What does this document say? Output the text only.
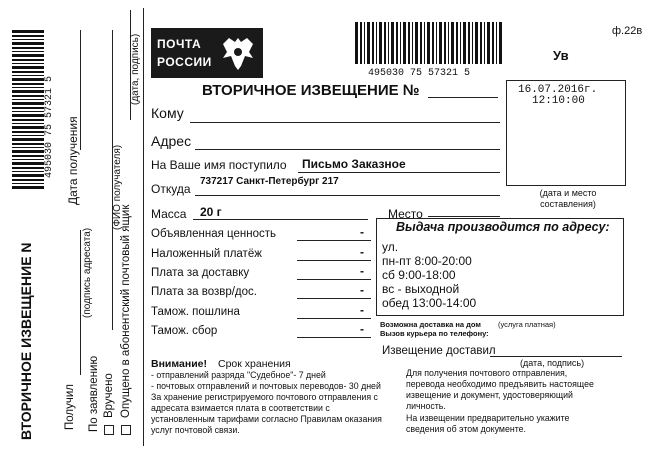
495030 75 57321 5
ВТОРИЧНОЕ ИЗВЕЩЕНИЕ N
Дата получения
Получил
(подпись адресата)
По заявлению Вручено Опущено в абонентский почтовый ящик
(ФИО получателя)
(дата, подпись) ПОЧТА
РОССИИ
495030 75 57321 5
ф.22в
Ув
ВТОРИЧНОЕ ИЗВЕЩЕНИЕ №	16.07.2016г.
12:10:00
(дата и место составления)
Кому
Адрес
На Ваше имя поступило Письмо Заказное
Откуда
737217 Санкт-Петербург 217
Масса 20 г	Место
Объявленная ценность	-
Наложенный платёж	-
Плата за доставку	-
Плата за возвр/дос.	-
Тамож. пошлина	-
Тамож. сбор	-
Выдача производится по адресу:
ул.
пн-пт 8:00-20:00
сб 9:00-18:00
вс - выходной
обед 13:00-14:00
Возможна доставка на дом (услуга платная)
Вызов курьера по телефону:
Извещение доставил
(дата, подпись)
Внимание! Срок хранения
- отправлений разряда "Судебное"- 7 дней
- почтовых отправлений и почтовых переводов- 30 дней
За хранение регистрируемого почтового отправления с
адресата взимается плата в соответствии с
установленным тарифами согласно Правилам оказания
услуг почтовой связи.
Для получения почтового отправления,
перевода необходимо предъявить настоящее
извещение и документ, удостоверяющий
личность.
На извещении предварительно укажите
сведения об этом документе.
